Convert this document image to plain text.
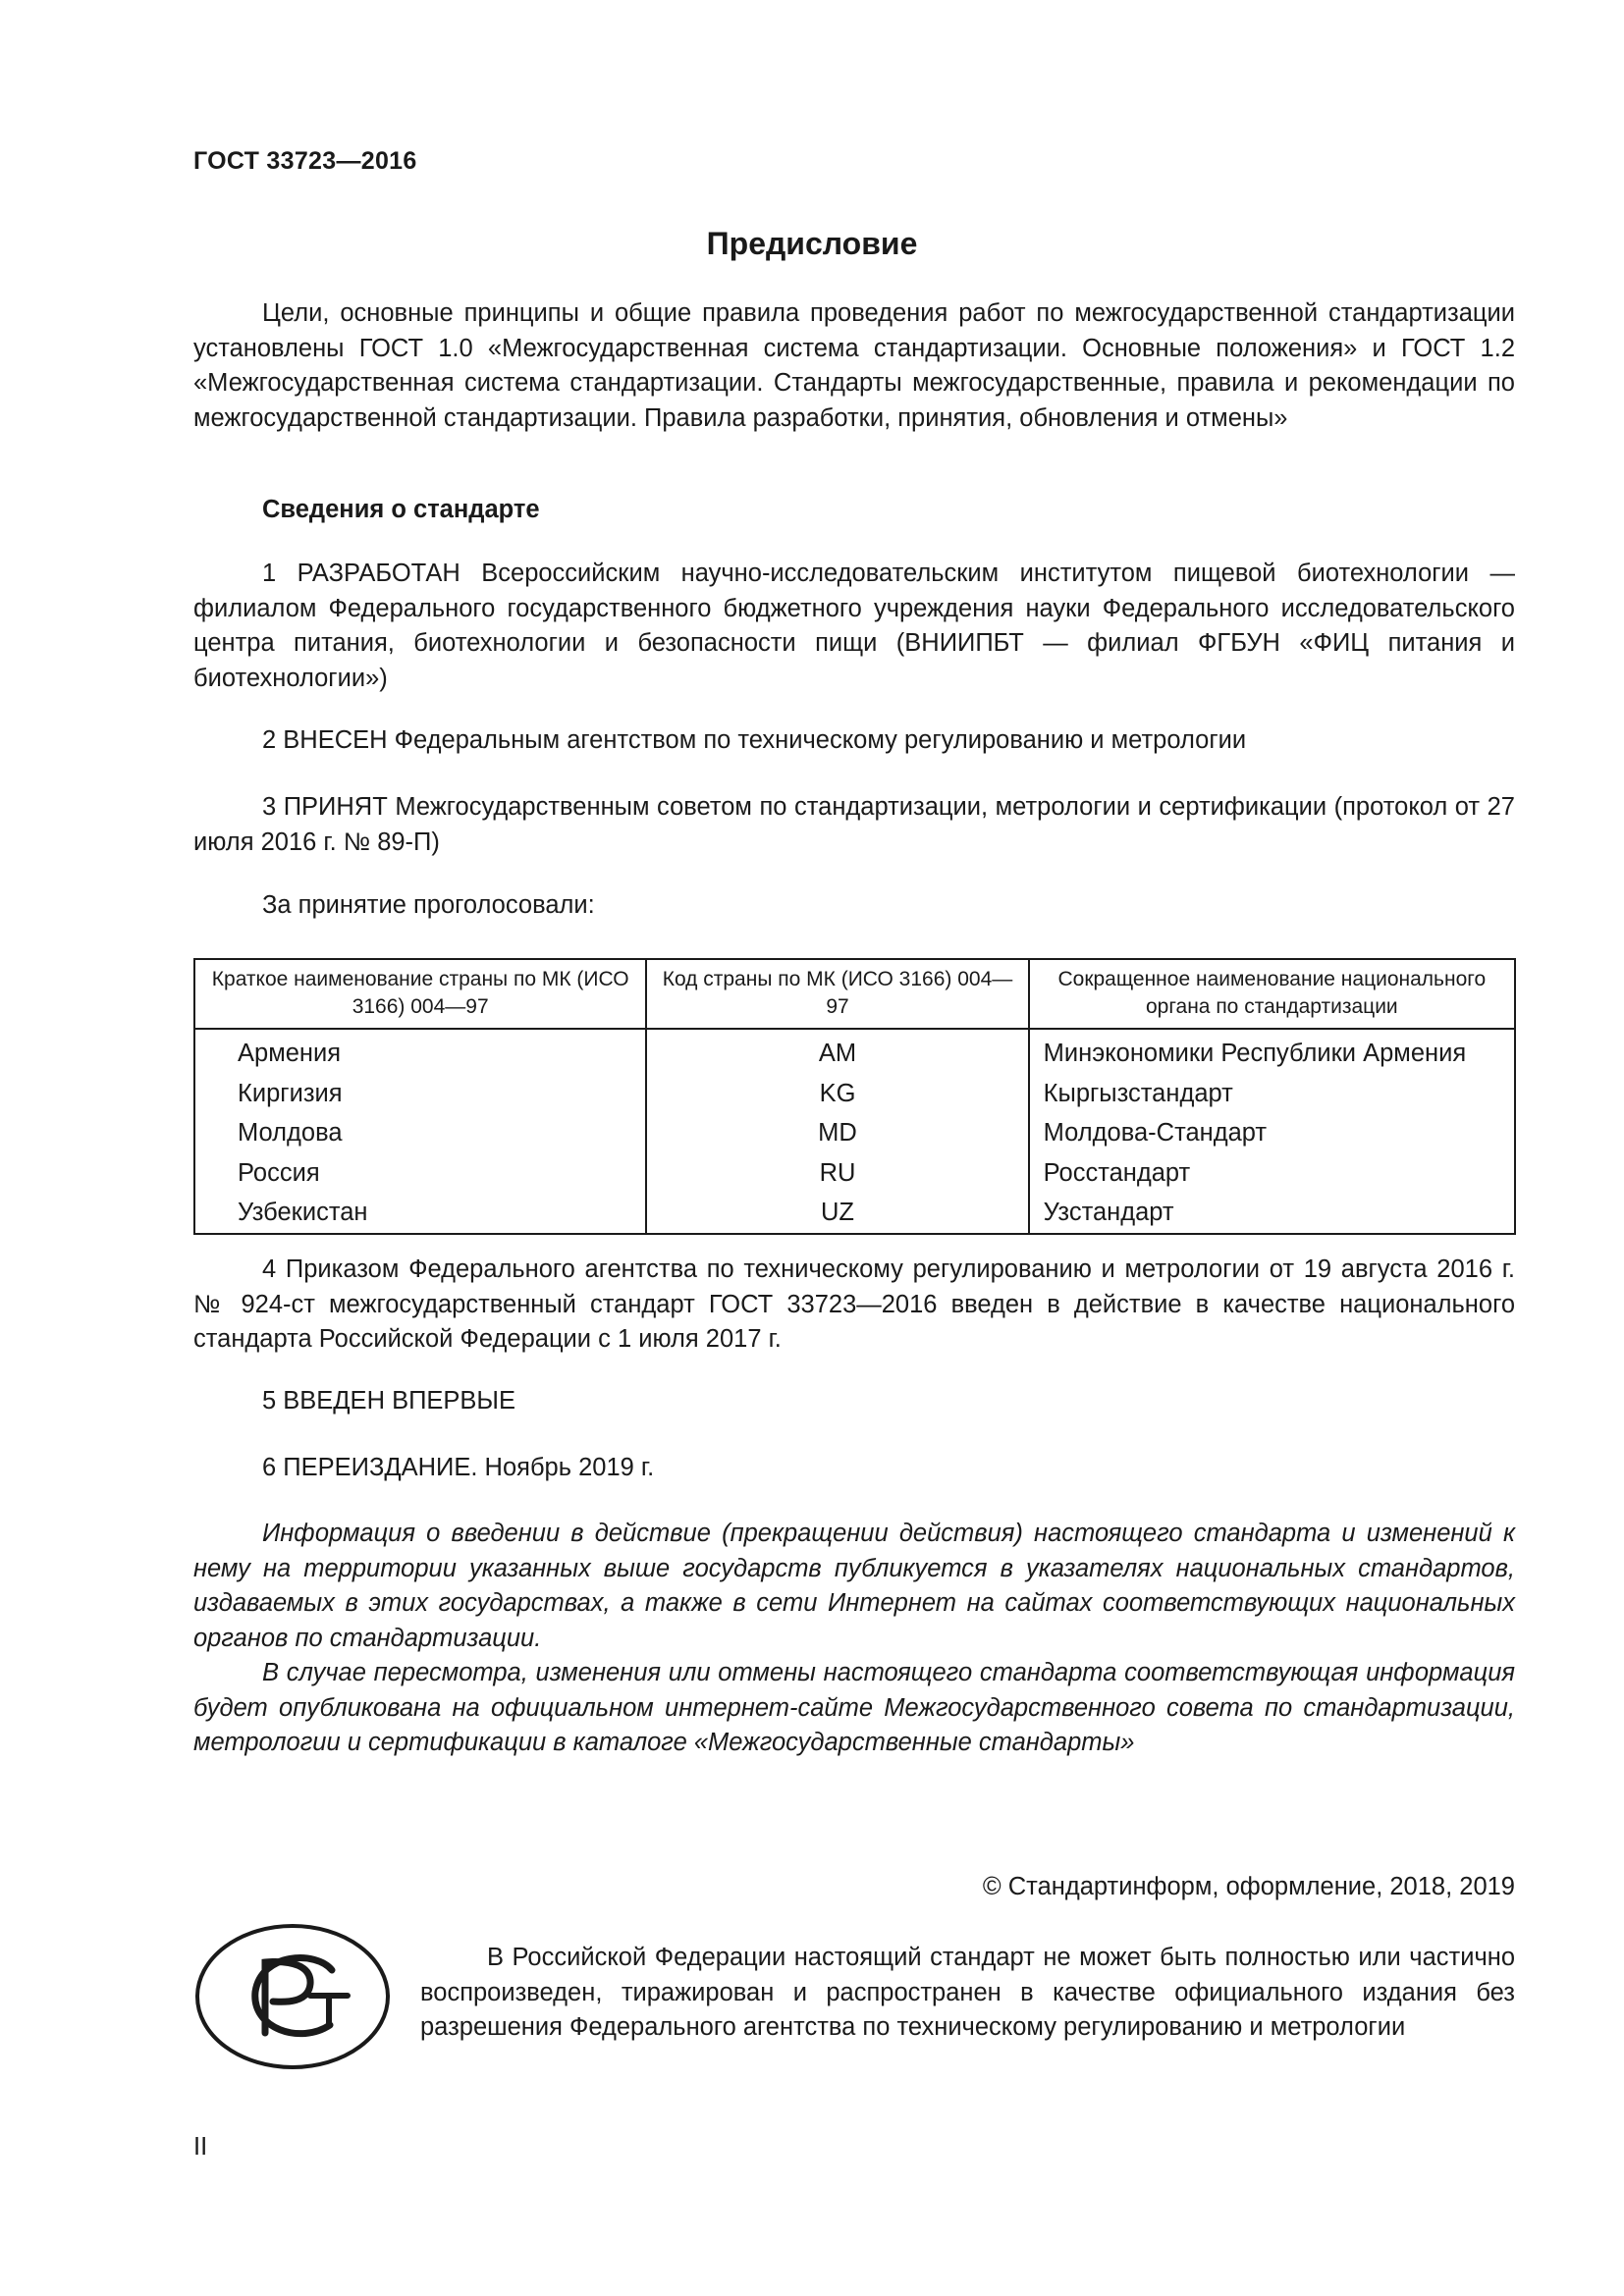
ГОСТ 33723—2016
Предисловие

Цели, основные принципы и общие правила проведения работ по межгосударственной стандартизации установлены ГОСТ 1.0 «Межгосударственная система стандартизации. Основные положения» и ГОСТ 1.2 «Межгосударственная система стандартизации. Стандарты межгосударственные, правила и рекомендации по межгосударственной стандартизации. Правила разработки, принятия, обновления и отмены»

Сведения о стандарте

1 РАЗРАБОТАН Всероссийским научно-исследовательским институтом пищевой биотехнологии — филиалом Федерального государственного бюджетного учреждения науки Федерального исследовательского центра питания, биотехнологии и безопасности пищи (ВНИИПБТ — филиал ФГБУН «ФИЦ питания и биотехнологии»)

2 ВНЕСЕН Федеральным агентством по техническому регулированию и метрологии

3 ПРИНЯТ Межгосударственным советом по стандартизации, метрологии и сертификации (протокол от 27 июля 2016 г. № 89-П)

За принятие проголосовали:

4 Приказом Федерального агентства по техническому регулированию и метрологии от 19 августа 2016 г. № 924-ст межгосударственный стандарт ГОСТ 33723—2016 введен в действие в качестве национального стандарта Российской Федерации с 1 июля 2017 г.

5 ВВЕДЕН ВПЕРВЫЕ

6 ПЕРЕИЗДАНИЕ. Ноябрь 2019 г.

Информация о введении в действие (прекращении действия) настоящего стандарта и изменений к нему на территории указанных выше государств публикуется в указателях национальных стандартов, издаваемых в этих государствах, а также в сети Интернет на сайтах соответствующих национальных органов по стандартизации.

В случае пересмотра, изменения или отмены настоящего стандарта соответствующая информация будет опубликована на официальном интернет-сайте Межгосударственного совета по стандартизации, метрологии и сертификации в каталоге «Межгосударственные стандарты»

Краткое наименование страны по МК (ИСО 3166) 004—97	Код страны по МК (ИСО 3166) 004—97	Сокращенное наименование национального органа по стандартизации
Армения	AM	Минэкономики Республики Армения
Киргизия	KG	Кыргызстандарт
Молдова	MD	Молдова-Стандарт
Россия	RU	Росстандарт
Узбекистан	UZ	Узстандарт
© Стандартинформ, оформление, 2018, 2019

В Российской Федерации настоящий стандарт не может быть полностью или частично воспроизведен, тиражирован и распространен в качестве официального издания без разрешения Федерального агентства по техническому регулированию и метрологии

II
